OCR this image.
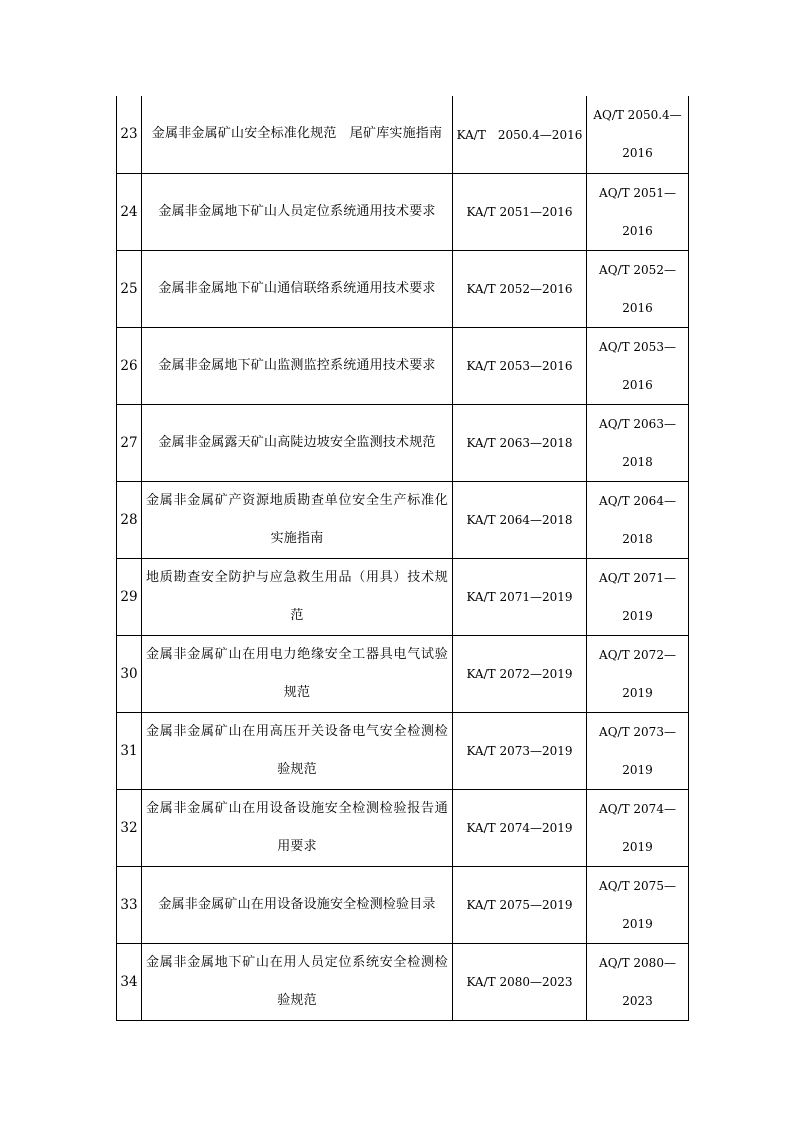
23	金属非金属矿山安全标准化规范　尾矿库实施指南	KA/T　2050.4—2016	AQ/T 2050.4—
2016

24	金属非金属地下矿山人员定位系统通用技术要求	KA/T 2051—2016	AQ/T 2051—
2016

25	金属非金属地下矿山通信联络系统通用技术要求	KA/T 2052—2016	AQ/T 2052—
2016

26	金属非金属地下矿山监测监控系统通用技术要求	KA/T 2053—2016	AQ/T 2053—
2016

27	金属非金属露天矿山高陡边坡安全监测技术规范	KA/T 2063—2018	AQ/T 2063—
2018

28	金属非金属矿产资源地质勘查单位安全生产标准化实施指南	KA/T 2064—2018	AQ/T 2064—
2018

29	地质勘查安全防护与应急救生用品（用具）技术规范	KA/T 2071—2019	AQ/T 2071—
2019

30	金属非金属矿山在用电力绝缘安全工器具电气试验规范	KA/T 2072—2019	AQ/T 2072—
2019

31	金属非金属矿山在用高压开关设备电气安全检测检验规范	KA/T 2073—2019	AQ/T 2073—
2019

32	金属非金属矿山在用设备设施安全检测检验报告通用要求	KA/T 2074—2019	AQ/T 2074—
2019

33	金属非金属矿山在用设备设施安全检测检验目录	KA/T 2075—2019	AQ/T 2075—
2019

34	金属非金属地下矿山在用人员定位系统安全检测检验规范	KA/T 2080—2023	AQ/T 2080—
2023
